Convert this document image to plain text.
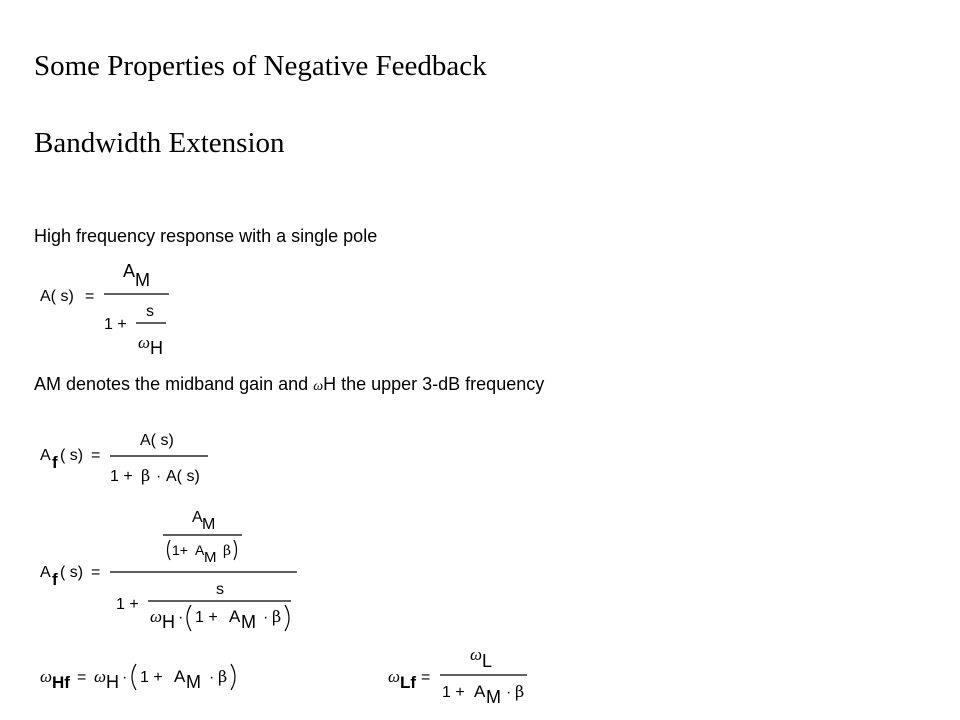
Some Properties of Negative Feedback
Bandwidth Extension
High frequency response with a single pole
A( s) =
A M
1 +
s
ω H
AM denotes the midband gain and ωH the upper 3-dB frequency
A f ( s) =
A( s)
1 + β · A( s)
A f ( s) =
A M
1+ A M β
1 +
s
ω H · 1 + A M · β
ω Hf = ω H · 1 + A M · β	ω Lf =
ω L
1 + A M · β
